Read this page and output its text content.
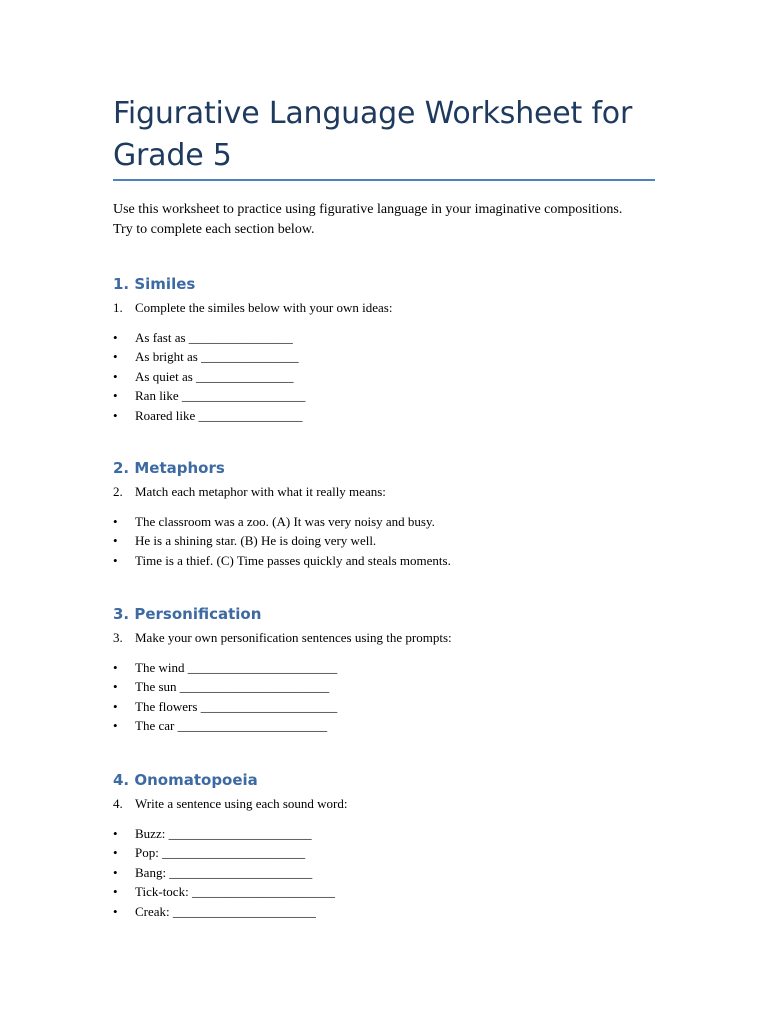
Figurative Language Worksheet for Grade 5

Use this worksheet to practice using figurative language in your imaginative compositions. Try to complete each section below.

1. Similes
1. Complete the similes below with your own ideas:
• As fast as ________________
• As bright as _______________
• As quiet as _______________
• Ran like ___________________
• Roared like ________________
2. Metaphors
2. Match each metaphor with what it really means:
• The classroom was a zoo. (A) It was very noisy and busy.
• He is a shining star. (B) He is doing very well.
• Time is a thief. (C) Time passes quickly and steals moments.
3. Personification
3. Make your own personification sentences using the prompts:
• The wind _______________________
• The sun _______________________
• The flowers _____________________
• The car _______________________
4. Onomatopoeia
4. Write a sentence using each sound word:
• Buzz: ______________________
• Pop: ______________________
• Bang: ______________________
• Tick-tock: ______________________
• Creak: ______________________
